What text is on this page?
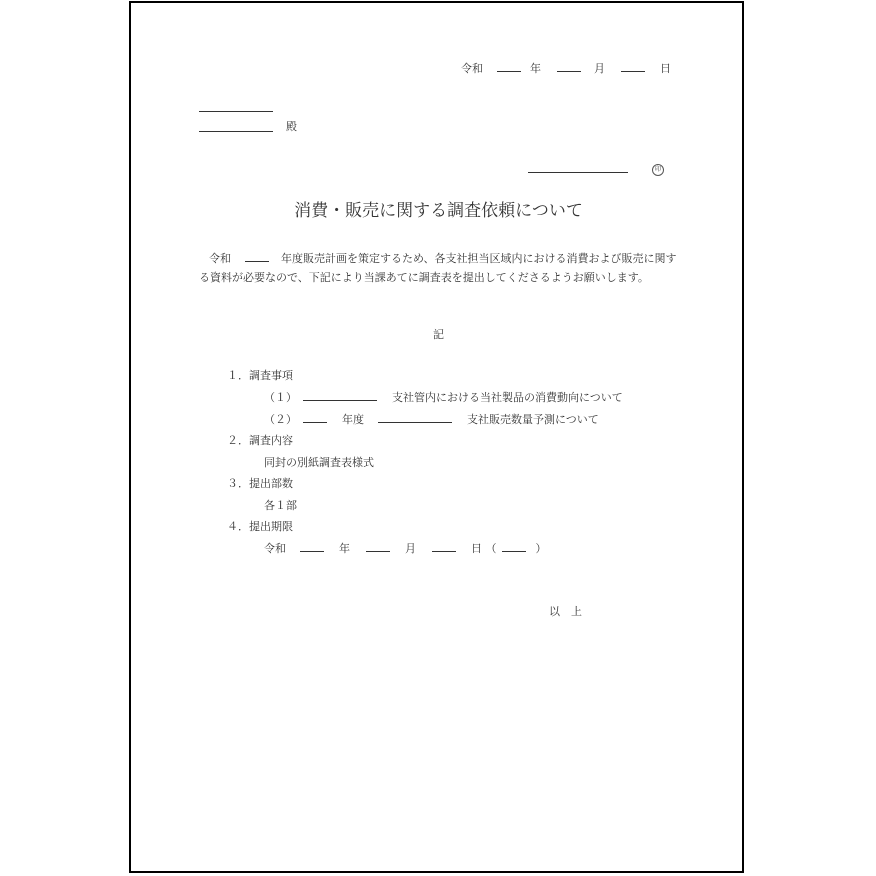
令和	年	月	日
殿
印
消費・販売に関する調査依頼について
令和	年度販売計画を策定するため、各支社担当区域内における消費および販売に関する資料が必要なので、下記により当課あてに調査表を提出してくださるようお願いします。
記
１．調査事項
（１）	支社管内における当社製品の消費動向について
（２）	年度	支社販売数量予測について
２．調査内容
同封の別紙調査表様式
３．提出部数
各１部
４．提出期限
令和	年	月	日 （	）
以　上
